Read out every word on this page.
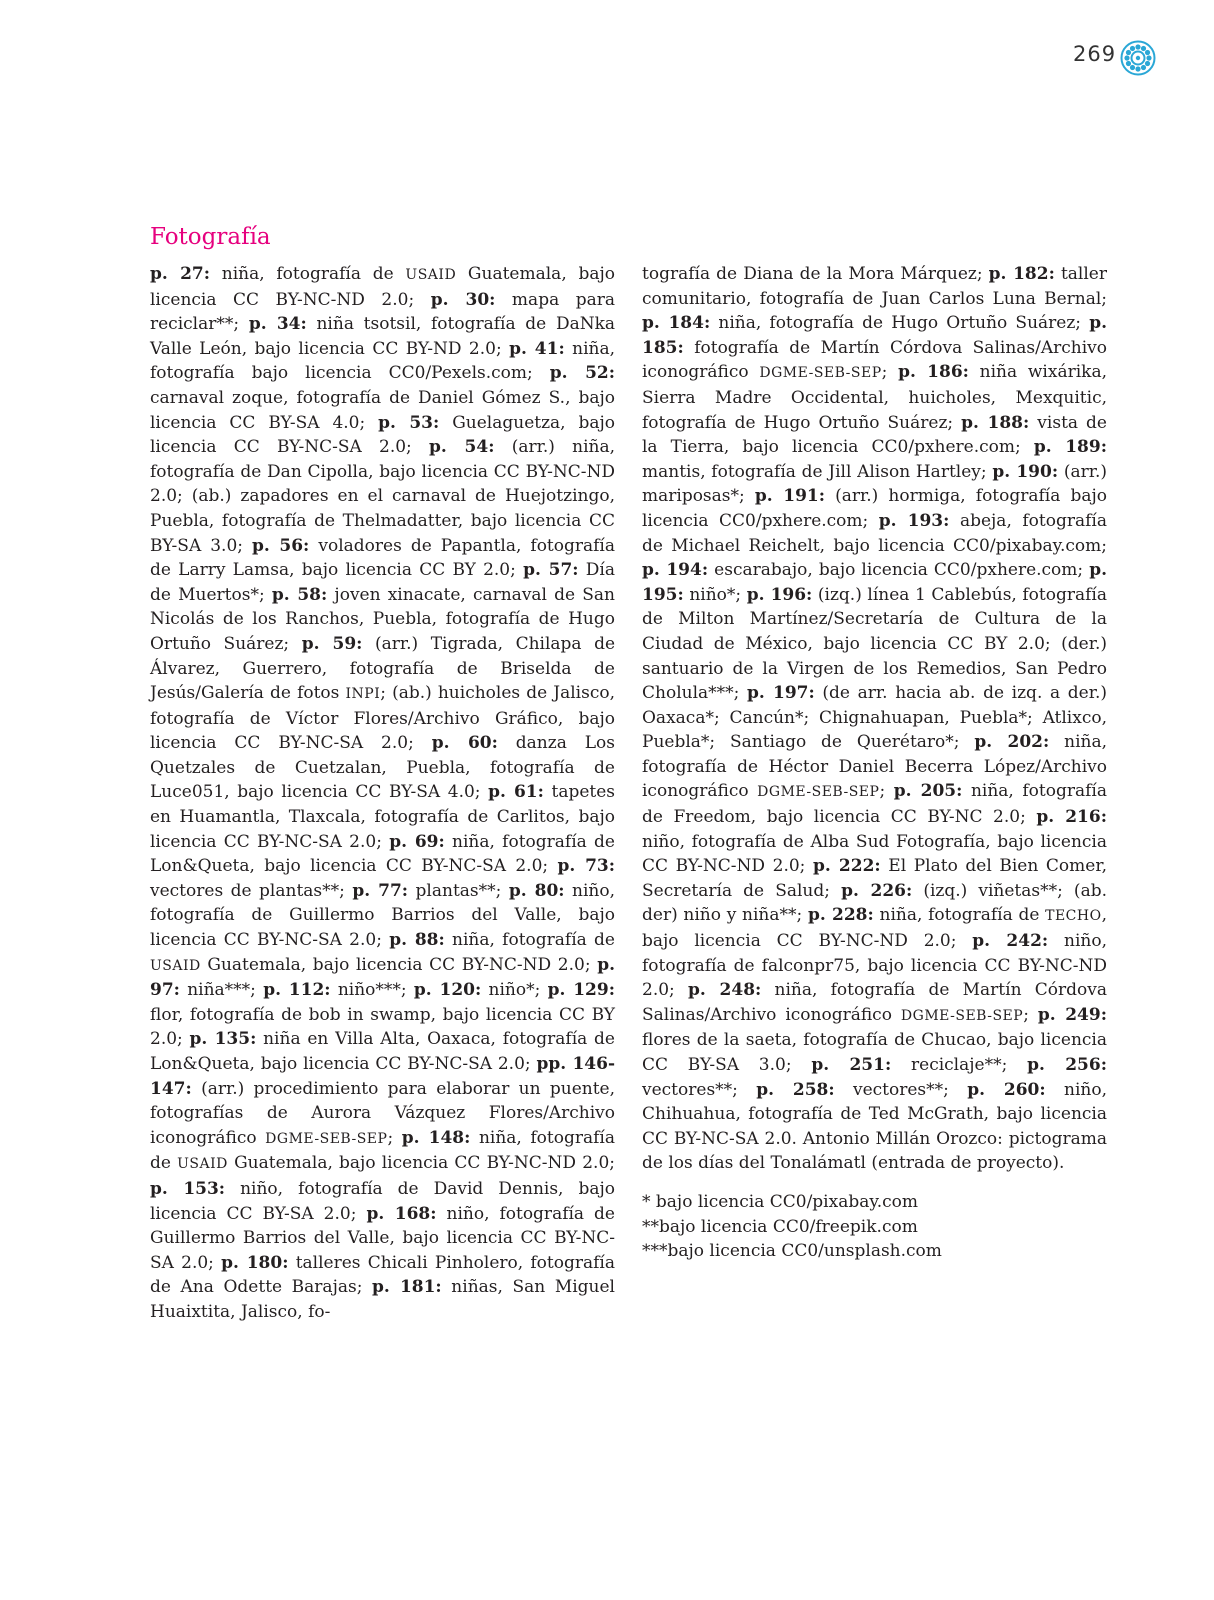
269
Fotografía
p. 27: niña, fotografía de USAID Guatemala, bajo licencia CC BY-NC-ND 2.0; p. 30: mapa para reciclar**; p. 34: niña tsotsil, fotografía de DaNka Valle León, bajo licencia CC BY-ND 2.0; p. 41: niña, fotografía bajo licencia CC0/Pexels.com; p. 52: carnaval zoque, fotografía de Daniel Gómez S., bajo licencia CC BY-SA 4.0; p. 53: Guelaguetza, bajo licencia CC BY-NC-SA 2.0; p. 54: (arr.) niña, fotografía de Dan Cipolla, bajo licencia CC BY-NC-ND 2.0; (ab.) zapadores en el carnaval de Huejotzingo, Puebla, fotografía de Thelmadatter, bajo licencia CC BY-SA 3.0; p. 56: voladores de Papantla, fotografía de Larry Lamsa, bajo licencia CC BY 2.0; p. 57: Día de Muertos*; p. 58: joven xinacate, carnaval de San Nicolás de los Ranchos, Puebla, fotografía de Hugo Ortuño Suárez; p. 59: (arr.) Tigrada, Chilapa de Álvarez, Guerrero, fotografía de Briselda de Jesús/Galería de fotos INPI; (ab.) huicholes de Jalisco, fotografía de Víctor Flores/Archivo Gráfico, bajo licencia CC BY-NC-SA 2.0; p. 60: danza Los Quetzales de Cuetzalan, Puebla, fotografía de Luce051, bajo licencia CC BY-SA 4.0; p. 61: tapetes en Huamantla, Tlaxcala, fotografía de Carlitos, bajo licencia CC BY-NC-SA 2.0; p. 69: niña, fotografía de Lon&Queta, bajo licencia CC BY-NC-SA 2.0; p. 73: vectores de plantas**; p. 77: plantas**; p. 80: niño, fotografía de Guillermo Barrios del Valle, bajo licencia CC BY-NC-SA 2.0; p. 88: niña, fotografía de USAID Guatemala, bajo licencia CC BY-NC-ND 2.0; p. 97: niña***; p. 112: niño***; p. 120: niño*; p. 129: flor, fotografía de bob in swamp, bajo licencia CC BY 2.0; p. 135: niña en Villa Alta, Oaxaca, fotografía de Lon&Queta, bajo licencia CC BY-NC-SA 2.0; pp. 146-147: (arr.) procedimiento para elaborar un puente, fotografías de Aurora Vázquez Flores/Archivo iconográfico DGME-SEB-SEP; p. 148: niña, fotografía de USAID Guatemala, bajo licencia CC BY-NC-ND 2.0; p. 153: niño, fotografía de David Dennis, bajo licencia CC BY-SA 2.0; p. 168: niño, fotografía de Guillermo Barrios del Valle, bajo licencia CC BY-NC-SA 2.0; p. 180: talleres Chicali Pinholero, fotografía de Ana Odette Barajas; p. 181: niñas, San Miguel Huaixtita, Jalisco, fo-
tografía de Diana de la Mora Márquez; p. 182: taller comunitario, fotografía de Juan Carlos Luna Bernal; p. 184: niña, fotografía de Hugo Ortuño Suárez; p. 185: fotografía de Martín Córdova Salinas/Archivo iconográfico DGME-SEB-SEP; p. 186: niña wixárika, Sierra Madre Occidental, huicholes, Mexquitic, fotografía de Hugo Ortuño Suárez; p. 188: vista de la Tierra, bajo licencia CC0/pxhere.com; p. 189: mantis, fotografía de Jill Alison Hartley; p. 190: (arr.) mariposas*; p. 191: (arr.) hormiga, fotografía bajo licencia CC0/pxhere.com; p. 193: abeja, fotografía de Michael Reichelt, bajo licencia CC0/pixabay.com; p. 194: escarabajo, bajo licencia CC0/pxhere.com; p. 195: niño*; p. 196: (izq.) línea 1 Cablebús, fotografía de Milton Martínez/Secretaría de Cultura de la Ciudad de México, bajo licencia CC BY 2.0; (der.) santuario de la Virgen de los Remedios, San Pedro Cholula***; p. 197: (de arr. hacia ab. de izq. a der.) Oaxaca*; Cancún*; Chignahuapan, Puebla*; Atlixco, Puebla*; Santiago de Querétaro*; p. 202: niña, fotografía de Héctor Daniel Becerra López/Archivo iconográfico DGME-SEB-SEP; p. 205: niña, fotografía de Freedom, bajo licencia CC BY-NC 2.0; p. 216: niño, fotografía de Alba Sud Fotografía, bajo licencia CC BY-NC-ND 2.0; p. 222: El Plato del Bien Comer, Secretaría de Salud; p. 226: (izq.) viñetas**; (ab. der) niño y niña**; p. 228: niña, fotografía de TECHO, bajo licencia CC BY-NC-ND 2.0; p. 242: niño, fotografía de falconpr75, bajo licencia CC BY-NC-ND 2.0; p. 248: niña, fotografía de Martín Córdova Salinas/Archivo iconográfico DGME-SEB-SEP; p. 249: flores de la saeta, fotografía de Chucao, bajo licencia CC BY-SA 3.0; p. 251: reciclaje**; p. 256: vectores**; p. 258: vectores**; p. 260: niño, Chihuahua, fotografía de Ted McGrath, bajo licencia CC BY-NC-SA 2.0. Antonio Millán Orozco: pictograma de los días del Tonalámatl (entrada de proyecto).
* bajo licencia CC0/pixabay.com
**bajo licencia CC0/freepik.com
***bajo licencia CC0/unsplash.com
